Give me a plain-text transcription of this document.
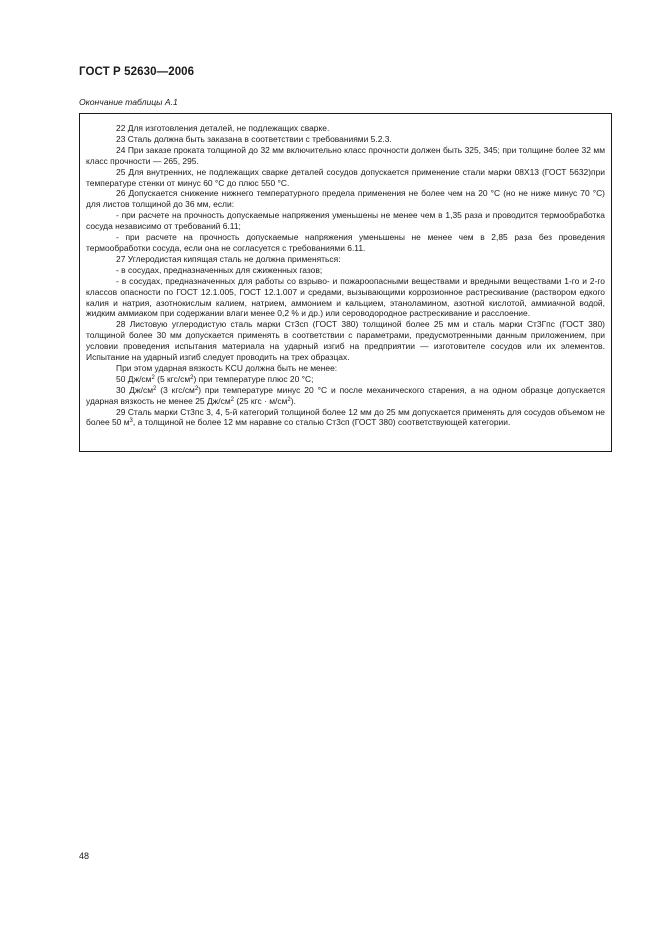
ГОСТ Р 52630—2006
Окончание таблицы А.1

22 Для изготовления деталей, не подлежащих сварке.

23 Сталь должна быть заказана в соответствии с требованиями 5.2.3.

24 При заказе проката толщиной до 32 мм включительно класс прочности должен быть 325, 345; при толщине более 32 мм класс прочности — 265, 295.

25 Для внутренних, не подлежащих сварке деталей сосудов допускается применение стали марки 08Х13 (ГОСТ 5632)при температуре стенки от минус 60 °С до плюс 550 °С.

26 Допускается снижение нижнего температурного предела применения не более чем на 20 °С (но не ниже минус 70 °С) для листов толщиной до 36 мм, если:

- при расчете на прочность допускаемые напряжения уменьшены не менее чем в 1,35 раза и проводится термообработка сосуда независимо от требований 6.11;

- при расчете на прочность допускаемые напряжения уменьшены не менее чем в 2,85 раза без проведения термообработки сосуда, если она не согласуется с требованиями 6.11.

27 Углеродистая кипящая сталь не должна применяться:

- в сосудах, предназначенных для сжиженных газов;

- в сосудах, предназначенных для работы со взрыво- и пожароопасными веществами и вредными веществами 1-го и 2-го классов опасности по ГОСТ 12.1.005, ГОСТ 12.1.007 и средами, вызывающими коррозионное растрескивание (раствором едкого калия и натрия, азотнокислым калием, натрием, аммонием и кальцием, этаноламином, азотной кислотой, аммиачной водой, жидким аммиаком при содержании влаги менее 0,2 % и др.) или сероводородное растрескивание и расслоение.

28 Листовую углеродистую сталь марки Ст3сп (ГОСТ 380) толщиной более 25 мм и сталь марки Ст3Гпс (ГОСТ 380) толщиной более 30 мм допускается применять в соответствии с параметрами, предусмотренными данным приложением, при условии проведения испытания материала на ударный изгиб на предприятии — изготовителе сосудов или их элементов. Испытание на ударный изгиб следует проводить на трех образцах.

При этом ударная вязкость KCU должна быть не менее:

50 $Дж/см^2$ (5 кгс/$см^2$) при температуре плюс 20 °С;

30 $Дж/см^2$ (3 кгс/$см^2$) при температуре минус 20 °С и после механического старения, а на одном образце допускается ударная вязкость не менее 25 $Дж/см^2$ (25 кгс · $м/см^2$).

29 Сталь марки Ст3пс 3, 4, 5-й категорий толщиной более 12 мм до 25 мм допускается применять для сосудов объемом не более 50 $м^3$, а толщиной не более 12 мм наравне со сталью Ст3сп (ГОСТ 380) соответствующей категории.

48
